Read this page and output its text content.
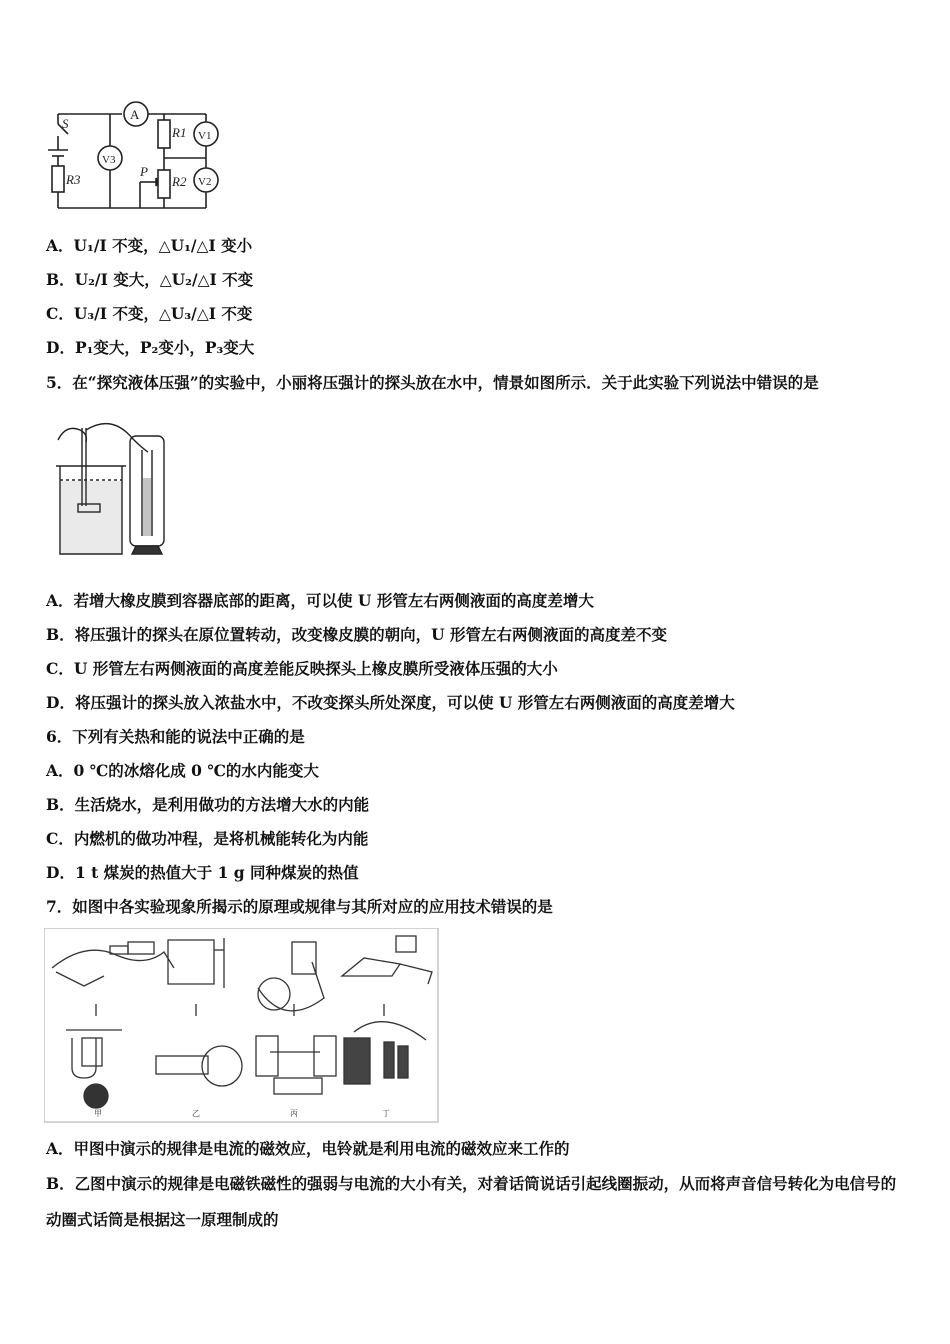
S
A
V3
R1
R2
R3
V1
V2
P
A．U₁/I 不变，△U₁/△I 变小
B．U₂/I 变大，△U₂/△I 不变
C．U₃/I 不变，△U₃/△I 不变
D．P₁变大，P₂变小，P₃变大
5．在“探究液体压强”的实验中，小丽将压强计的探头放在水中，情景如图所示．关于此实验下列说法中错误的是
A．若增大橡皮膜到容器底部的距离，可以使 U 形管左右两侧液面的高度差增大
B．将压强计的探头在原位置转动，改变橡皮膜的朝向，U 形管左右两侧液面的高度差不变
C．U 形管左右两侧液面的高度差能反映探头上橡皮膜所受液体压强的大小
D．将压强计的探头放入浓盐水中，不改变探头所处深度，可以使 U 形管左右两侧液面的高度差增大
6．下列有关热和能的说法中正确的是
A．0 ℃的冰熔化成 0 ℃的水内能变大
B．生活烧水，是利用做功的方法增大水的内能
C．内燃机的做功冲程，是将机械能转化为内能
D．1 t 煤炭的热值大于 1 g 同种煤炭的热值
7．如图中各实验现象所揭示的原理或规律与其所对应的应用技术错误的是
甲	乙	丙	丁
A．甲图中演示的规律是电流的磁效应，电铃就是利用电流的磁效应来工作的
B．乙图中演示的规律是电磁铁磁性的强弱与电流的大小有关，对着话筒说话引起线圈振动，从而将声音信号转化为电信号的动圈式话筒是根据这一原理制成的
